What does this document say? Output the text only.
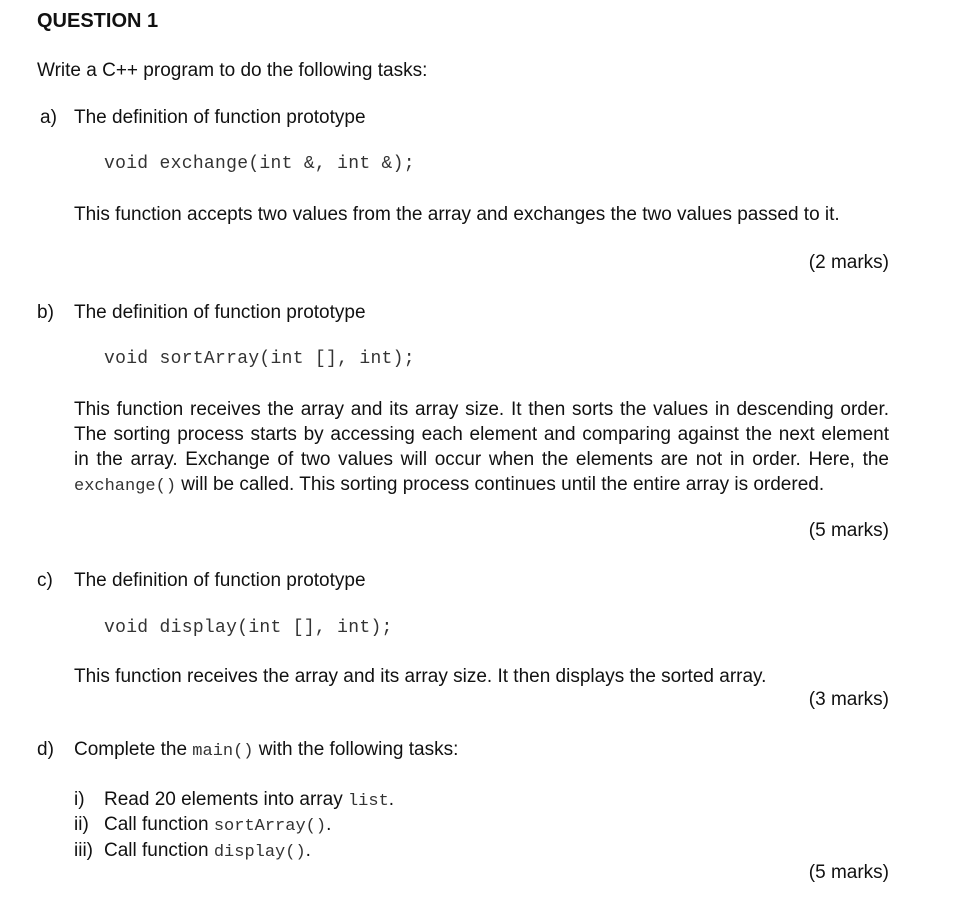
QUESTION 1
Write a C++ program to do the following tasks:
a) The definition of function prototype
void exchange(int &, int &);
This function accepts two values from the array and exchanges the two values passed to it.
(2 marks)
b) The definition of function prototype
void sortArray(int [], int);
This function receives the array and its array size. It then sorts the values in descending order. The sorting process starts by accessing each element and comparing against the next element in the array. Exchange of two values will occur when the elements are not in order. Here, the exchange() will be called. This sorting process continues until the entire array is ordered.
(5 marks)
c) The definition of function prototype
void display(int [], int);
This function receives the array and its array size. It then displays the sorted array.
(3 marks)
d) Complete the main() with the following tasks:
i) Read 20 elements into array list.
ii) Call function sortArray().
iii) Call function display().
(5 marks)
